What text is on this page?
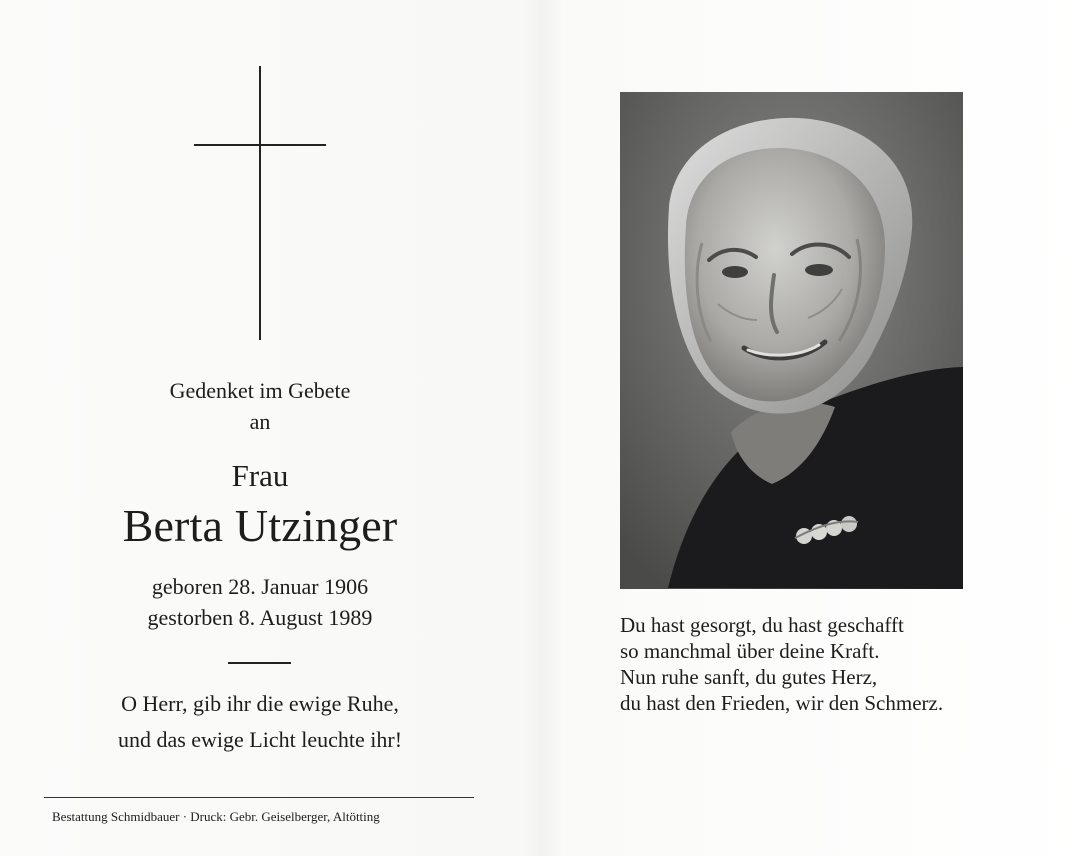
Gedenket im Gebete
an
Frau
Berta Utzinger
geboren 28. Januar 1906
gestorben 8. August 1989
O Herr, gib ihr die ewige Ruhe,
und das ewige Licht leuchte ihr!
Bestattung Schmidbauer · Druck: Gebr. Geiselberger, Altötting
Du hast gesorgt, du hast geschafft
so manchmal über deine Kraft.
Nun ruhe sanft, du gutes Herz,
du hast den Frieden, wir den Schmerz.
